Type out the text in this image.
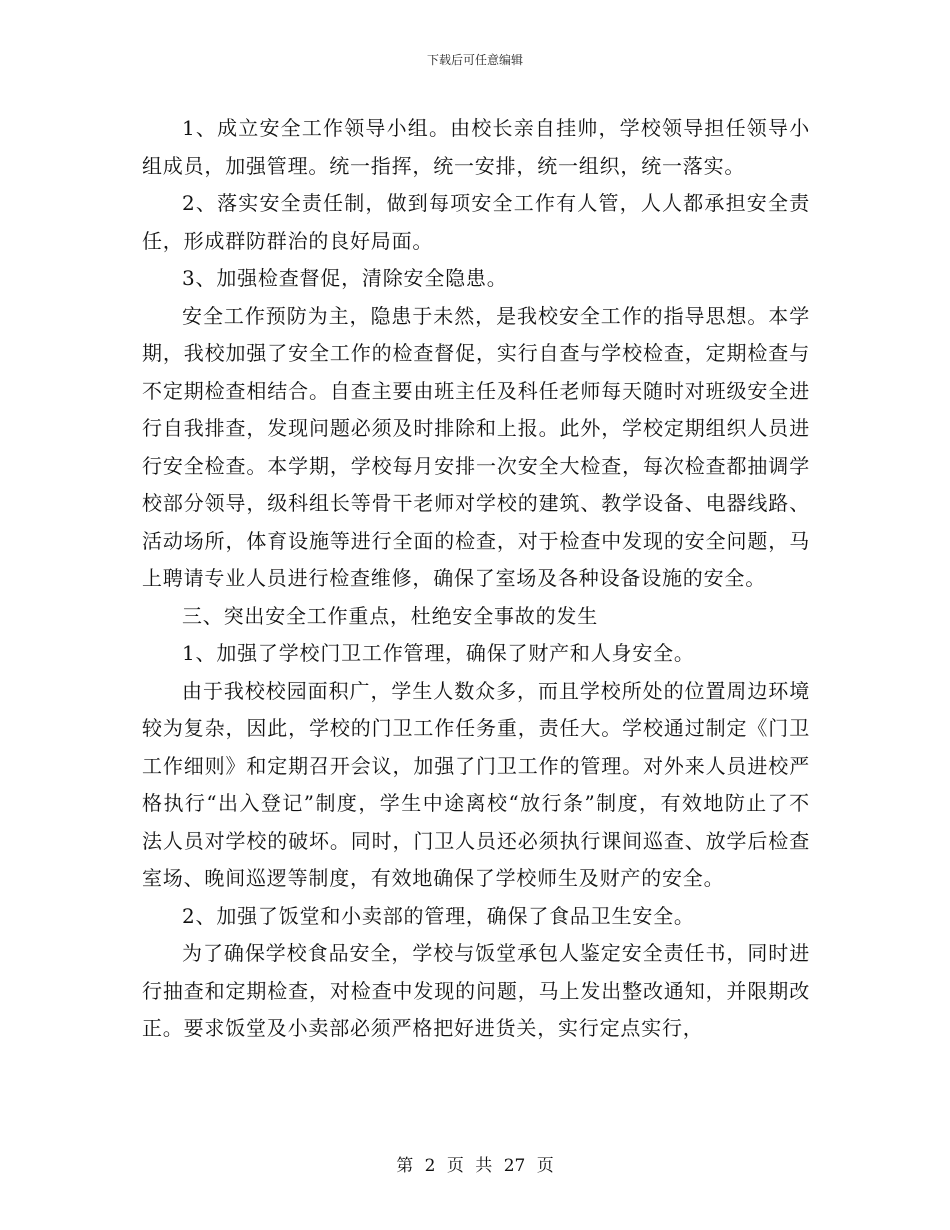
下载后可任意编辑

1、成立安全工作领导小组。由校长亲自挂帅，学校领导担任领导小组成员，加强管理。统一指挥，统一安排，统一组织，统一落实。

2、落实安全责任制，做到每项安全工作有人管，人人都承担安全责任，形成群防群治的良好局面。

3、加强检查督促，清除安全隐患。

安全工作预防为主，隐患于未然，是我校安全工作的指导思想。本学期，我校加强了安全工作的检查督促，实行自查与学校检查，定期检查与不定期检查相结合。自查主要由班主任及科任老师每天随时对班级安全进行自我排查，发现问题必须及时排除和上报。此外，学校定期组织人员进行安全检查。本学期，学校每月安排一次安全大检查，每次检查都抽调学校部分领导，级科组长等骨干老师对学校的建筑、教学设备、电器线路、活动场所，体育设施等进行全面的检查，对于检查中发现的安全问题，马上聘请专业人员进行检查维修，确保了室场及各种设备设施的安全。

三、突出安全工作重点，杜绝安全事故的发生

1、加强了学校门卫工作管理，确保了财产和人身安全。

由于我校校园面积广，学生人数众多，而且学校所处的位置周边环境较为复杂，因此，学校的门卫工作任务重，责任大。学校通过制定《门卫工作细则》和定期召开会议，加强了门卫工作的管理。对外来人员进校严格执行“出入登记”制度，学生中途离校“放行条”制度，有效地防止了不法人员对学校的破坏。同时，门卫人员还必须执行课间巡查、放学后检查室场、晚间巡逻等制度，有效地确保了学校师生及财产的安全。

2、加强了饭堂和小卖部的管理，确保了食品卫生安全。

为了确保学校食品安全，学校与饭堂承包人鉴定安全责任书，同时进行抽查和定期检查，对检查中发现的问题，马上发出整改通知，并限期改正。要求饭堂及小卖部必须严格把好进货关，实行定点实行，

第 2 页 共 27 页
